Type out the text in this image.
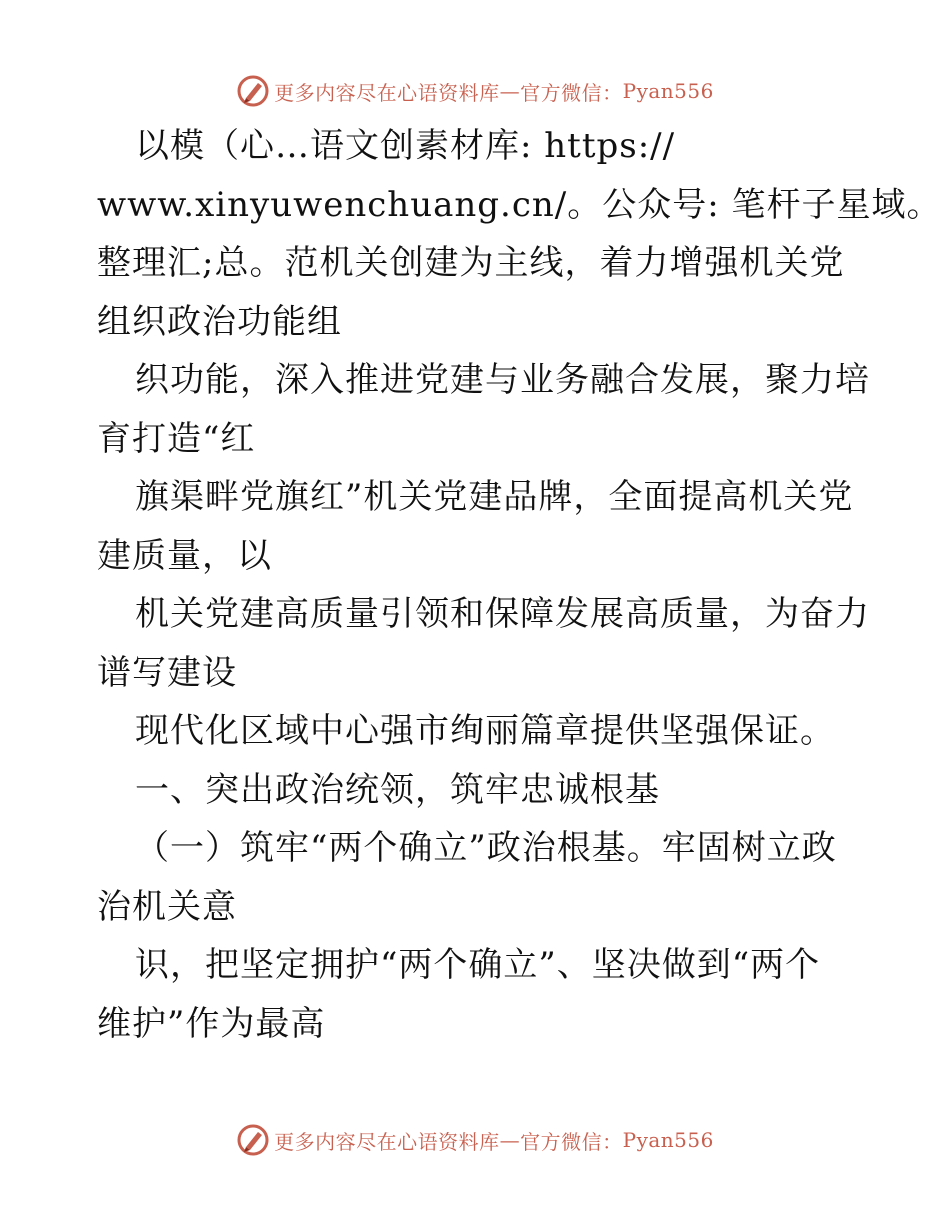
更多内容尽在心语资料库 — 官方微信： Pyan556
以模（心…语文创素材库: https://
www.xinyuwenchuang.cn/。公众号: 笔杆子星域。
整理汇;总。范机关创建为主线，着力增强机关党
组织政治功能组
织功能，深入推进党建与业务融合发展，聚力培
育打造“红
旗渠畔党旗红”机关党建品牌，全面提高机关党
建质量，以
机关党建高质量引领和保障发展高质量，为奋力
谱写建设
现代化区域中心强市绚丽篇章提供坚强保证。
一、突出政治统领，筑牢忠诚根基
（一）筑牢“两个确立”政治根基。牢固树立政
治机关意
识，把坚定拥护“两个确立”、坚决做到“两个
维护”作为最高
更多内容尽在心语资料库 — 官方微信： Pyan556
